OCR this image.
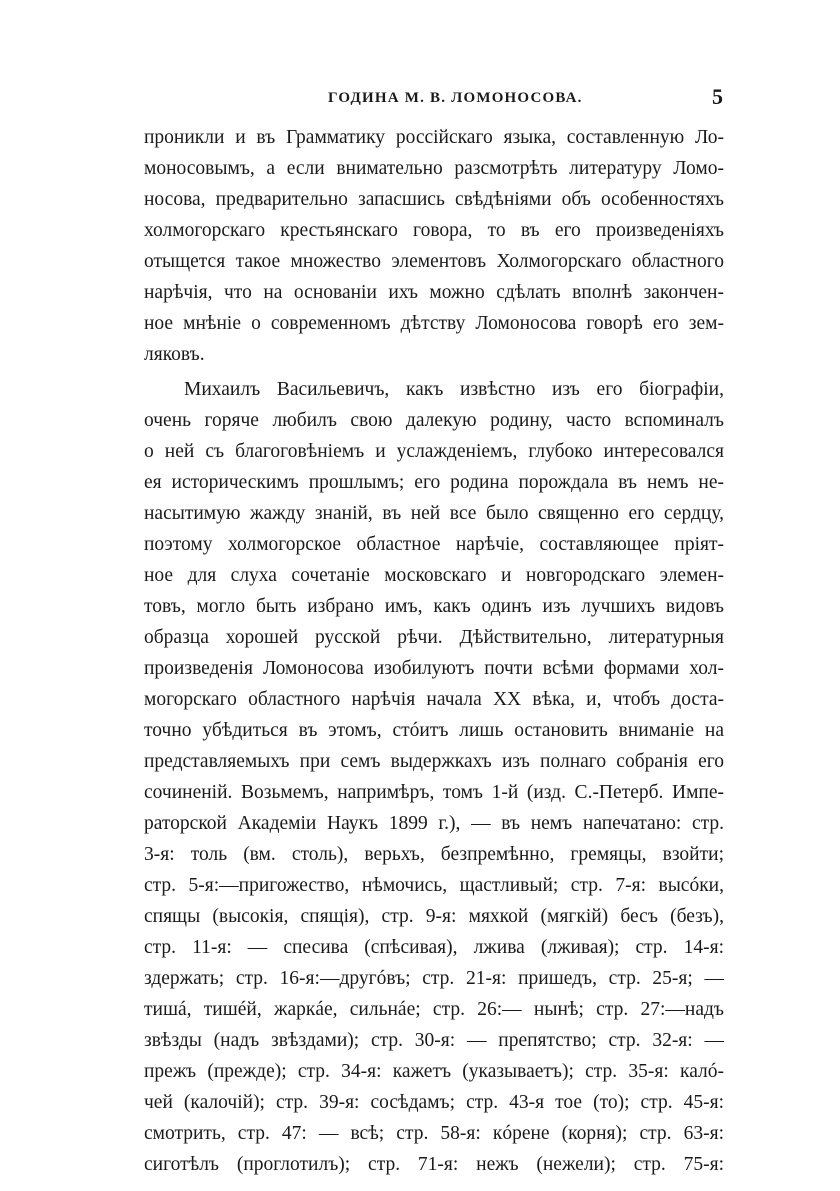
ГОДИНА М. В. ЛОМОНОСОВА.	5
проникли и въ Грамматику россійскаго языка, составленную Ло-
моносовымъ, а если внимательно разсмотрѣть литературу Ломо-
носова, предварительно запасшись свѣдѣніями объ особенностяхъ
холмогорскаго крестьянскаго говора, то въ его произведеніяхъ
отыщется такое множество элементовъ Холмогорскаго областного
нарѣчія, что на основаніи ихъ можно сдѣлать вполнѣ закончен-
ное мнѣніе о современномъ дѣтству Ломоносова говорѣ его зем-
ляковъ.
Михаилъ Васильевичъ, какъ извѣстно изъ его біографіи,
очень горяче любилъ свою далекую родину, часто вспоминалъ
о ней съ благоговѣніемъ и услажденіемъ, глубоко интересовался
ея историческимъ прошлымъ; его родина порождала въ немъ не-
насытимую жажду знаній, въ ней все было священно его сердцу,
поэтому холмогорское областное нарѣчіе, составляющее пріят-
ное для слуха сочетаніе московскаго и новгородскаго элемен-
товъ, могло быть избрано имъ, какъ одинъ изъ лучшихъ видовъ
образца хорошей русской рѣчи. Дѣйствительно, литературныя
произведенія Ломоносова изобилуютъ почти всѣми формами хол-
могорскаго областного нарѣчія начала XX вѣка, и, чтобъ доста-
точно убѣдиться въ этомъ, стóитъ лишь остановить вниманіе на
представляемыхъ при семъ выдержкахъ изъ полнаго собранія его
сочиненій. Возьмемъ, напримѣръ, томъ 1-й (изд. С.-Петерб. Импе-
раторской Академіи Наукъ 1899 г.), — въ немъ напечатано: стр.
3-я: толь (вм. столь), верьхъ, безпремѣнно, гремяцы, взойти;
стр. 5-я:—пригожество, нѣмочись, щастливый; стр. 7-я: высóки,
спящы (высокія, спящія), стр. 9-я: мяхкой (мягкій) бесъ (безъ),
стр. 11-я: — спесива (спѣсивая), лжива (лживая); стр. 14-я:
здержать; стр. 16-я:—другóвъ; стр. 21-я: пришедъ, стр. 25-я; —
тишá, тишéй, жаркáе, сильнáе; стр. 26:— нынѣ; стр. 27:—надъ
звѣзды (надъ звѣздами); стр. 30-я: — препятство; стр. 32-я: —
прежъ (прежде); стр. 34-я: кажетъ (указываетъ); стр. 35-я: калó-
чей (калочій); стр. 39-я: сосѣдамъ; стр. 43-я тое (то); стр. 45-я:
смотрить, стр. 47: — всѣ; стр. 58-я: кóрене (корня); стр. 63-я:
сиготѣлъ (проглотилъ); стр. 71-я: нежъ (нежели); стр. 75-я:
